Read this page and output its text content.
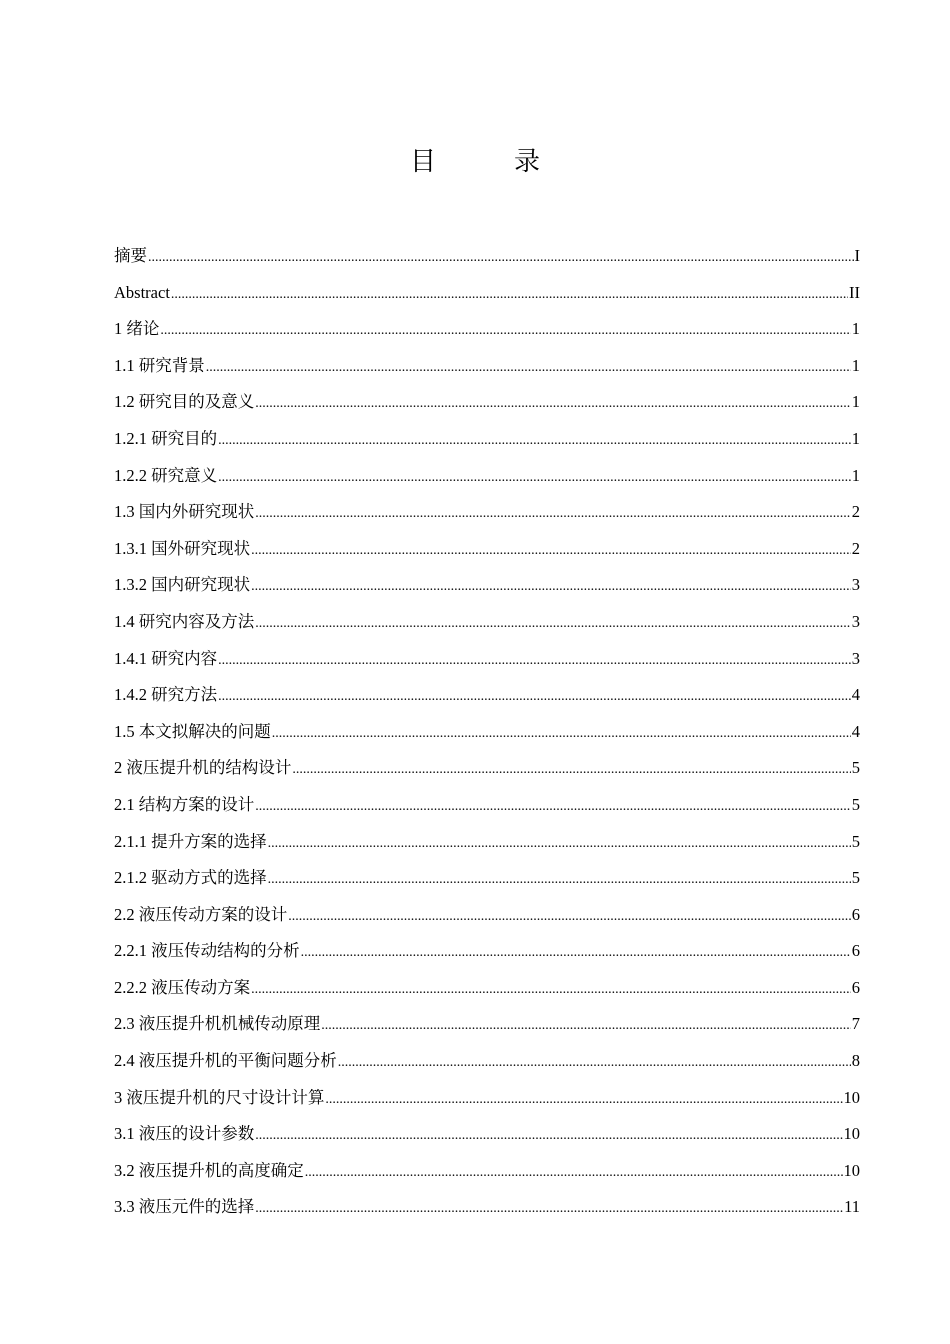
目　录
摘要 .....	I
Abstract .....	II
1 绪论 .....	1
1.1 研究背景 .....	1
1.2 研究目的及意义 .....	1
1.2.1 研究目的 .....	1
1.2.2 研究意义 .....	1
1.3 国内外研究现状 .....	2
1.3.1 国外研究现状 .....	2
1.3.2 国内研究现状 .....	3
1.4 研究内容及方法 .....	3
1.4.1 研究内容 .....	3
1.4.2 研究方法 .....	4
1.5 本文拟解决的问题 .....	4
2 液压提升机的结构设计 .....	5
2.1 结构方案的设计 .....	5
2.1.1 提升方案的选择 .....	5
2.1.2 驱动方式的选择 .....	5
2.2 液压传动方案的设计 .....	6
2.2.1 液压传动结构的分析 .....	6
2.2.2 液压传动方案 .....	6
2.3 液压提升机机械传动原理 .....	7
2.4 液压提升机的平衡问题分析 .....	8
3 液压提升机的尺寸设计计算 .....	10
3.1 液压的设计参数 .....	10
3.2 液压提升机的高度确定 .....	10
3.3 液压元件的选择 .....	11
